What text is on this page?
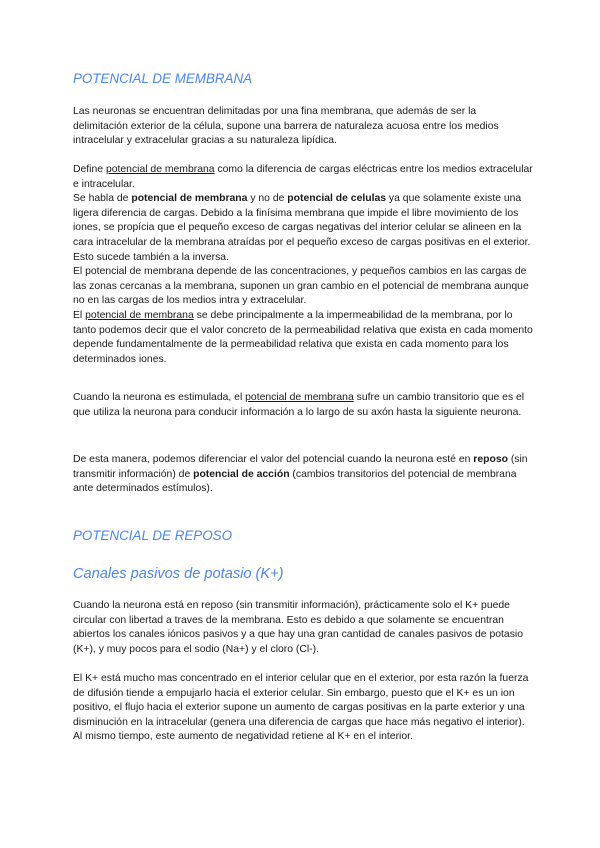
POTENCIAL DE MEMBRANA

Las neuronas se encuentran delimitadas por una fina membrana, que además de ser la delimitación exterior de la célula, supone una barrera de naturaleza acuosa entre los medios intracelular y extracelular gracias a su naturaleza lipídica.

Define potencial de membrana como la diferencia de cargas eléctricas entre los medios extracelular e intracelular.
Se habla de potencial de membrana y no de potencial de celulas ya que solamente existe una ligera diferencia de cargas. Debido a la finísima membrana que impide el libre movimiento de los iones, se propícia que el pequeño exceso de cargas negativas del interior celular se alineen en la cara intracelular de la membrana atraídas por el pequeño exceso de cargas positivas en el exterior. Esto sucede también a la inversa.
El potencial de membrana depende de las concentraciones, y pequeños cambios en las cargas de las zonas cercanas a la membrana, suponen un gran cambio en el potencial de membrana aunque no en las cargas de los medios intra y extracelular.
El potencial de membrana se debe principalmente a la impermeabilidad de la membrana, por lo tanto podemos decir que el valor concreto de la permeabilidad relativa que exista en cada momento depende fundamentalmente de la permeabilidad relativa que exista en cada momento para los determinados iones.

Cuando la neurona es estimulada, el potencial de membrana sufre un cambio transitorio que es el que utiliza la neurona para conducir información a lo largo de su axón hasta la siguiente neurona.

De esta manera, podemos diferenciar el valor del potencial cuando la neurona esté en reposo (sin transmitir información) de potencial de acción (cambios transitorios del potencial de membrana ante determinados estímulos).

POTENCIAL DE REPOSO
Canales pasivos de potasio (K+)

Cuando la neurona está en reposo (sin transmitir información), prácticamente solo el K+ puede circular con libertad a traves de la membrana. Esto es debido a que solamente se encuentran abiertos los canales iónicos pasivos y a que hay una gran cantidad de canales pasivos de potasio (K+), y muy pocos para el sodio (Na+) y el cloro (Cl-).

El K+ está mucho mas concentrado en el interior celular que en el exterior, por esta razón la fuerza de difusión tiende a empujarlo hacia el exterior celular. Sin embargo, puesto que el K+ es un ion positivo, el flujo hacia el exterior supone un aumento de cargas positivas en la parte exterior y una disminución en la intracelular (genera una diferencia de cargas que hace más negativo el interior).
Al mismo tiempo, este aumento de negatividad retiene al K+ en el interior.
